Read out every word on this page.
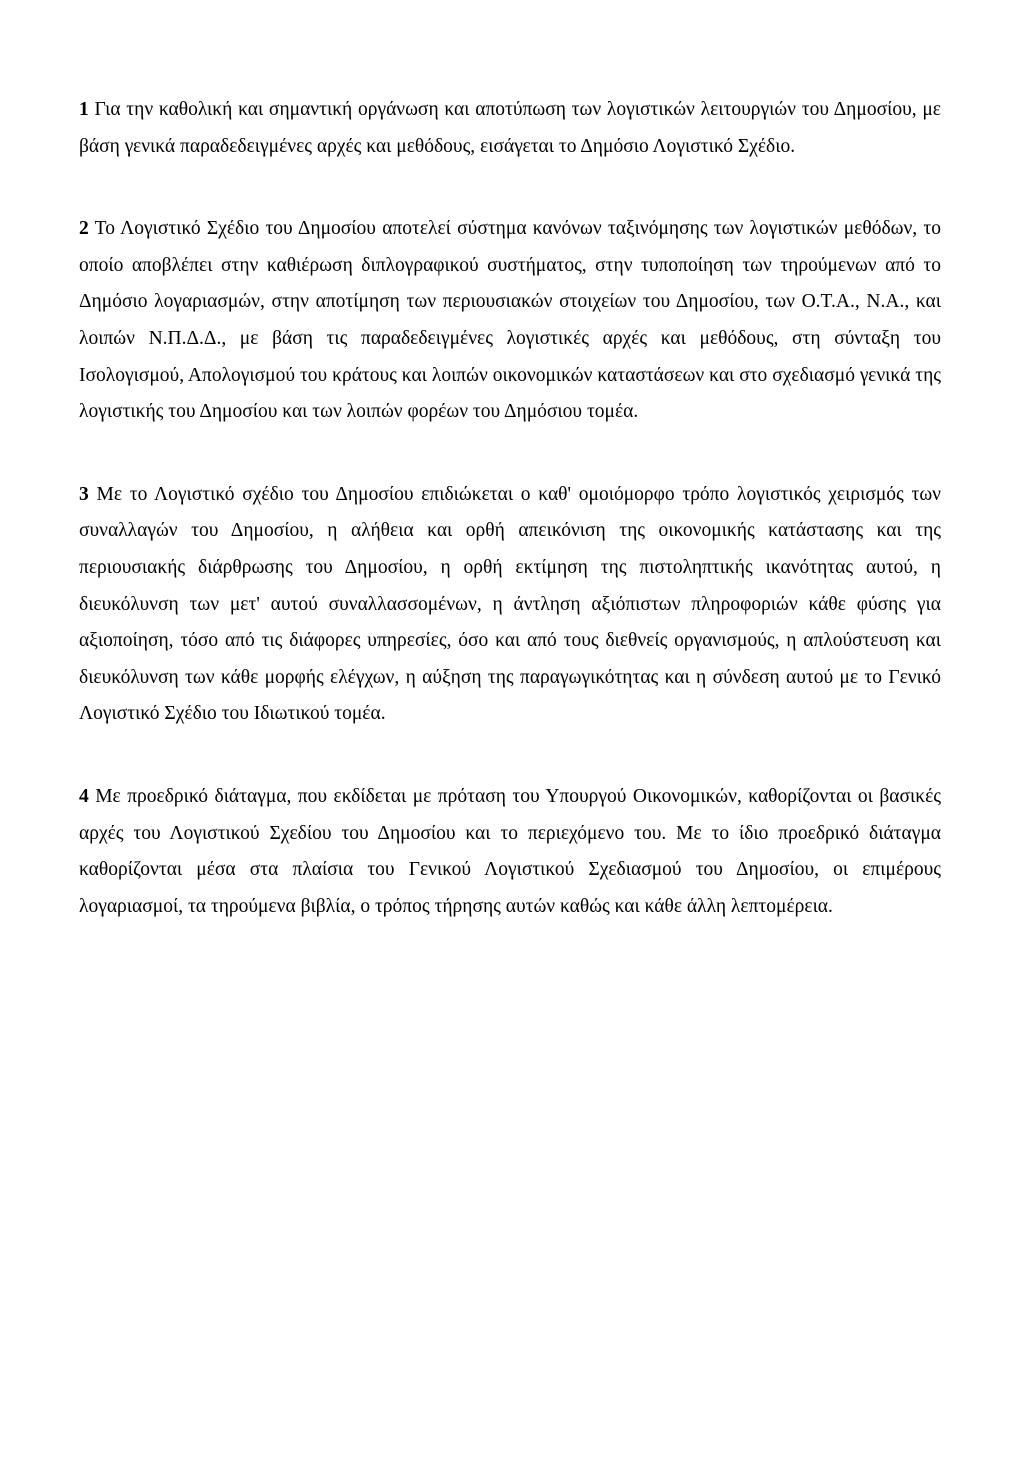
1 Για την καθολική και σημαντική οργάνωση και αποτύπωση των λογιστικών λειτουργιών του Δημοσίου, με βάση γενικά παραδεδειγμένες αρχές και μεθόδους, εισάγεται το Δημόσιο Λογιστικό Σχέδιο.

2 Το Λογιστικό Σχέδιο του Δημοσίου αποτελεί σύστημα κανόνων ταξινόμησης των λογιστικών μεθόδων, το οποίο αποβλέπει στην καθιέρωση διπλογραφικού συστήματος, στην τυποποίηση των τηρούμενων από το Δημόσιο λογαριασμών, στην αποτίμηση των περιουσιακών στοιχείων του Δημοσίου, των Ο.Τ.Α., Ν.Α., και λοιπών Ν.Π.Δ.Δ., με βάση τις παραδεδειγμένες λογιστικές αρχές και μεθόδους, στη σύνταξη του Ισολογισμού, Απολογισμού του κράτους και λοιπών οικονομικών καταστάσεων και στο σχεδιασμό γενικά της λογιστικής του Δημοσίου και των λοιπών φορέων του Δημόσιου τομέα.

3 Με το Λογιστικό σχέδιο του Δημοσίου επιδιώκεται ο καθ' ομοιόμορφο τρόπο λογιστικός χειρισμός των συναλλαγών του Δημοσίου, η αλήθεια και ορθή απεικόνιση της οικονομικής κατάστασης και της περιουσιακής διάρθρωσης του Δημοσίου, η ορθή εκτίμηση της πιστοληπτικής ικανότητας αυτού, η διευκόλυνση των μετ' αυτού συναλλασσομένων, η άντληση αξιόπιστων πληροφοριών κάθε φύσης για αξιοποίηση, τόσο από τις διάφορες υπηρεσίες, όσο και από τους διεθνείς οργανισμούς, η απλούστευση και διευκόλυνση των κάθε μορφής ελέγχων, η αύξηση της παραγωγικότητας και η σύνδεση αυτού με το Γενικό Λογιστικό Σχέδιο του Ιδιωτικού τομέα.

4 Με προεδρικό διάταγμα, που εκδίδεται με πρόταση του Υπουργού Οικονομικών, καθορίζονται οι βασικές αρχές του Λογιστικού Σχεδίου του Δημοσίου και το περιεχόμενο του. Με το ίδιο προεδρικό διάταγμα καθορίζονται μέσα στα πλαίσια του Γενικού Λογιστικού Σχεδιασμού του Δημοσίου, οι επιμέρους λογαριασμοί, τα τηρούμενα βιβλία, ο τρόπος τήρησης αυτών καθώς και κάθε άλλη λεπτομέρεια.
